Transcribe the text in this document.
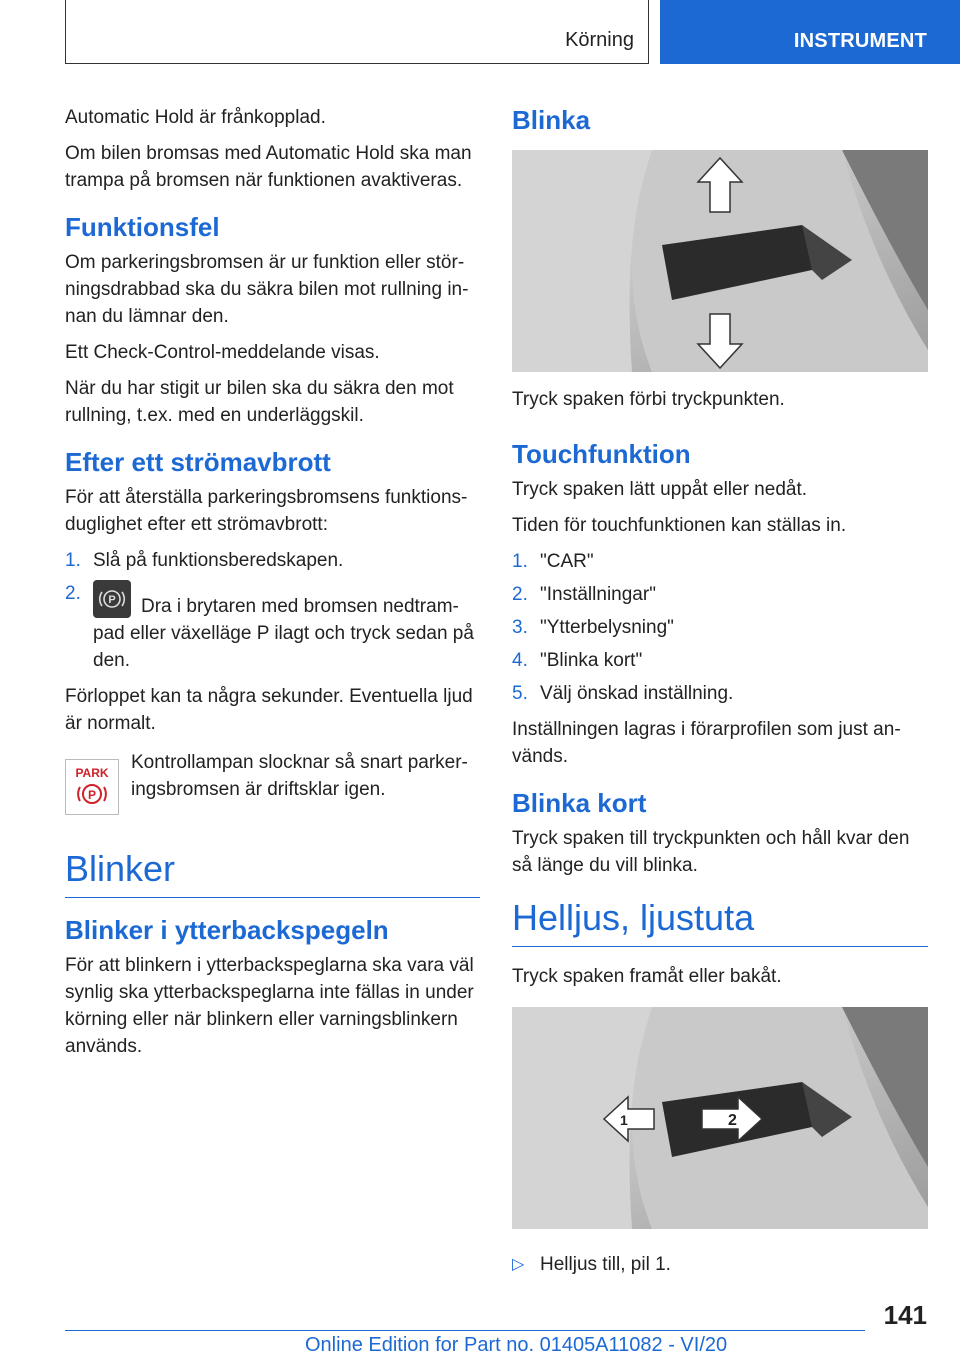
Körning	INSTRUMENT

Automatic Hold är frånkopplad.

Om bilen bromsas med Automatic Hold ska man trampa på bromsen när funktionen avaktiveras.

Funktionsfel

Om parkeringsbromsen är ur funktion eller störningsdrabbad ska du säkra bilen mot rullning innan du lämnar den.

Ett Check-Control-meddelande visas.

När du har stigit ur bilen ska du säkra den mot rullning, t.ex. med en underläggskil.

Efter ett strömavbrott

För att återställa parkeringsbromsens funktionsduglighet efter ett strömavbrott:

1. Slå på funktionsberedskapen.
2. P Dra i brytaren med bromsen nedtrampad eller växelläge P ilagt och tryck sedan på den.

Förloppet kan ta några sekunder. Eventuella ljud är normalt.

PARK
P

Kontrollampan slocknar så snart parkeringsbromsen är driftsklar igen.

Blinker
Blinker i ytterbackspegeln

För att blinkern i ytterbackspeglarna ska vara väl synlig ska ytterbackspeglarna inte fällas in under körning eller när blinkern eller varningsblinkern används.

Blinka

Tryck spaken förbi tryckpunkten.

Touchfunktion

Tryck spaken lätt uppåt eller nedåt.

Tiden för touchfunktionen kan ställas in.

1. "CAR"
2. "Inställningar"
3. "Ytterbelysning"
4. "Blinka kort"
5. Välj önskad inställning.

Inställningen lagras i förarprofilen som just används.

Blinka kort

Tryck spaken till tryckpunkten och håll kvar den så länge du vill blinka.

Helljus, ljustuta

Tryck spaken framåt eller bakåt.

1	2
▷ Helljus till, pil 1.
141
Online Edition for Part no. 01405A11082 - VI/20
